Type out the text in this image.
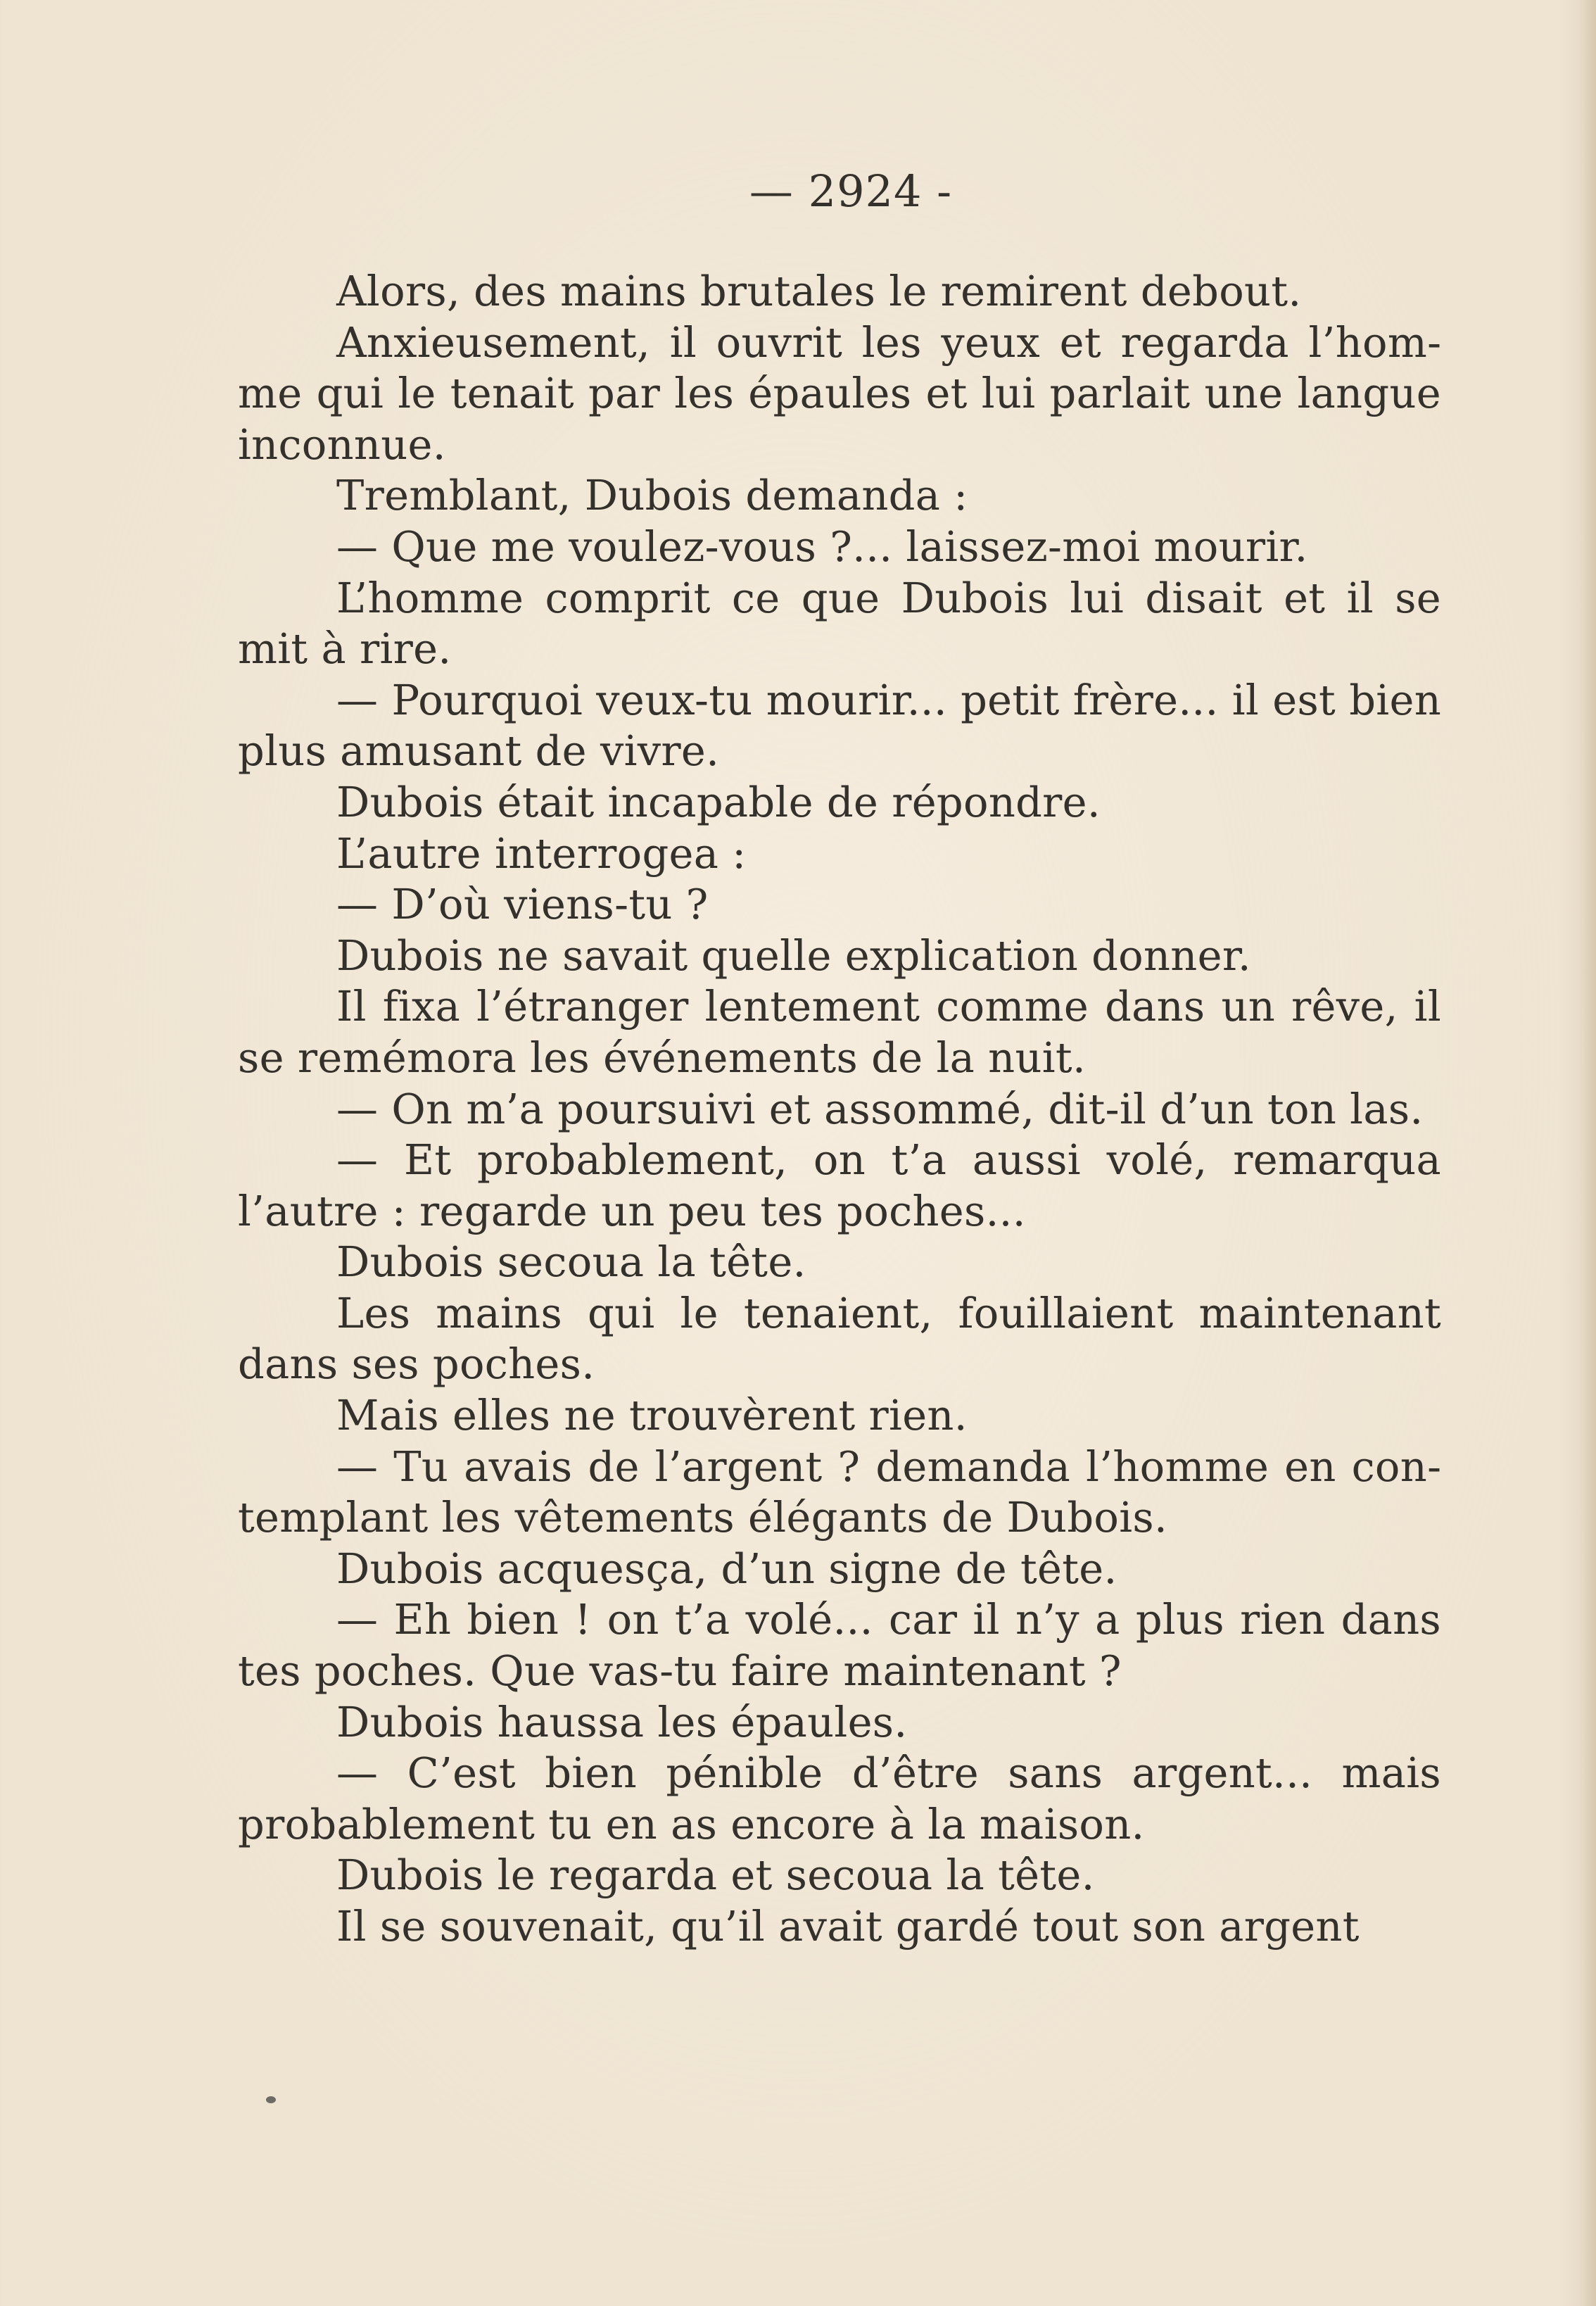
— 2924 -

Alors, des mains brutales le remirent debout.

Anxieusement, il ouvrit les yeux et regarda l’homme qui le tenait par les épaules et lui parlait une langue inconnue.

Tremblant, Dubois demanda :

— Que me voulez-vous ?... laissez-moi mourir.

L’homme comprit ce que Dubois lui disait et il se mit à rire.

— Pourquoi veux-tu mourir... petit frère... il est bien plus amusant de vivre.

Dubois était incapable de répondre.

L’autre interrogea :

— D’où viens-tu ?

Dubois ne savait quelle explication donner.

Il fixa l’étranger lentement comme dans un rêve, il se remémora les événements de la nuit.

— On m’a poursuivi et assommé, dit-il d’un ton las.

— Et probablement, on t’a aussi volé, remarqua l’autre : regarde un peu tes poches...

Dubois secoua la tête.

Les mains qui le tenaient, fouillaient maintenant dans ses poches.

Mais elles ne trouvèrent rien.

— Tu avais de l’argent ? demanda l’homme en contemplant les vêtements élégants de Dubois.

Dubois acquesça, d’un signe de tête.

— Eh bien ! on t’a volé... car il n’y a plus rien dans tes poches. Que vas-tu faire maintenant ?

Dubois haussa les épaules.

— C’est bien pénible d’être sans argent... mais probablement tu en as encore à la maison.

Dubois le regarda et secoua la tête.

Il se souvenait, qu’il avait gardé tout son argent
